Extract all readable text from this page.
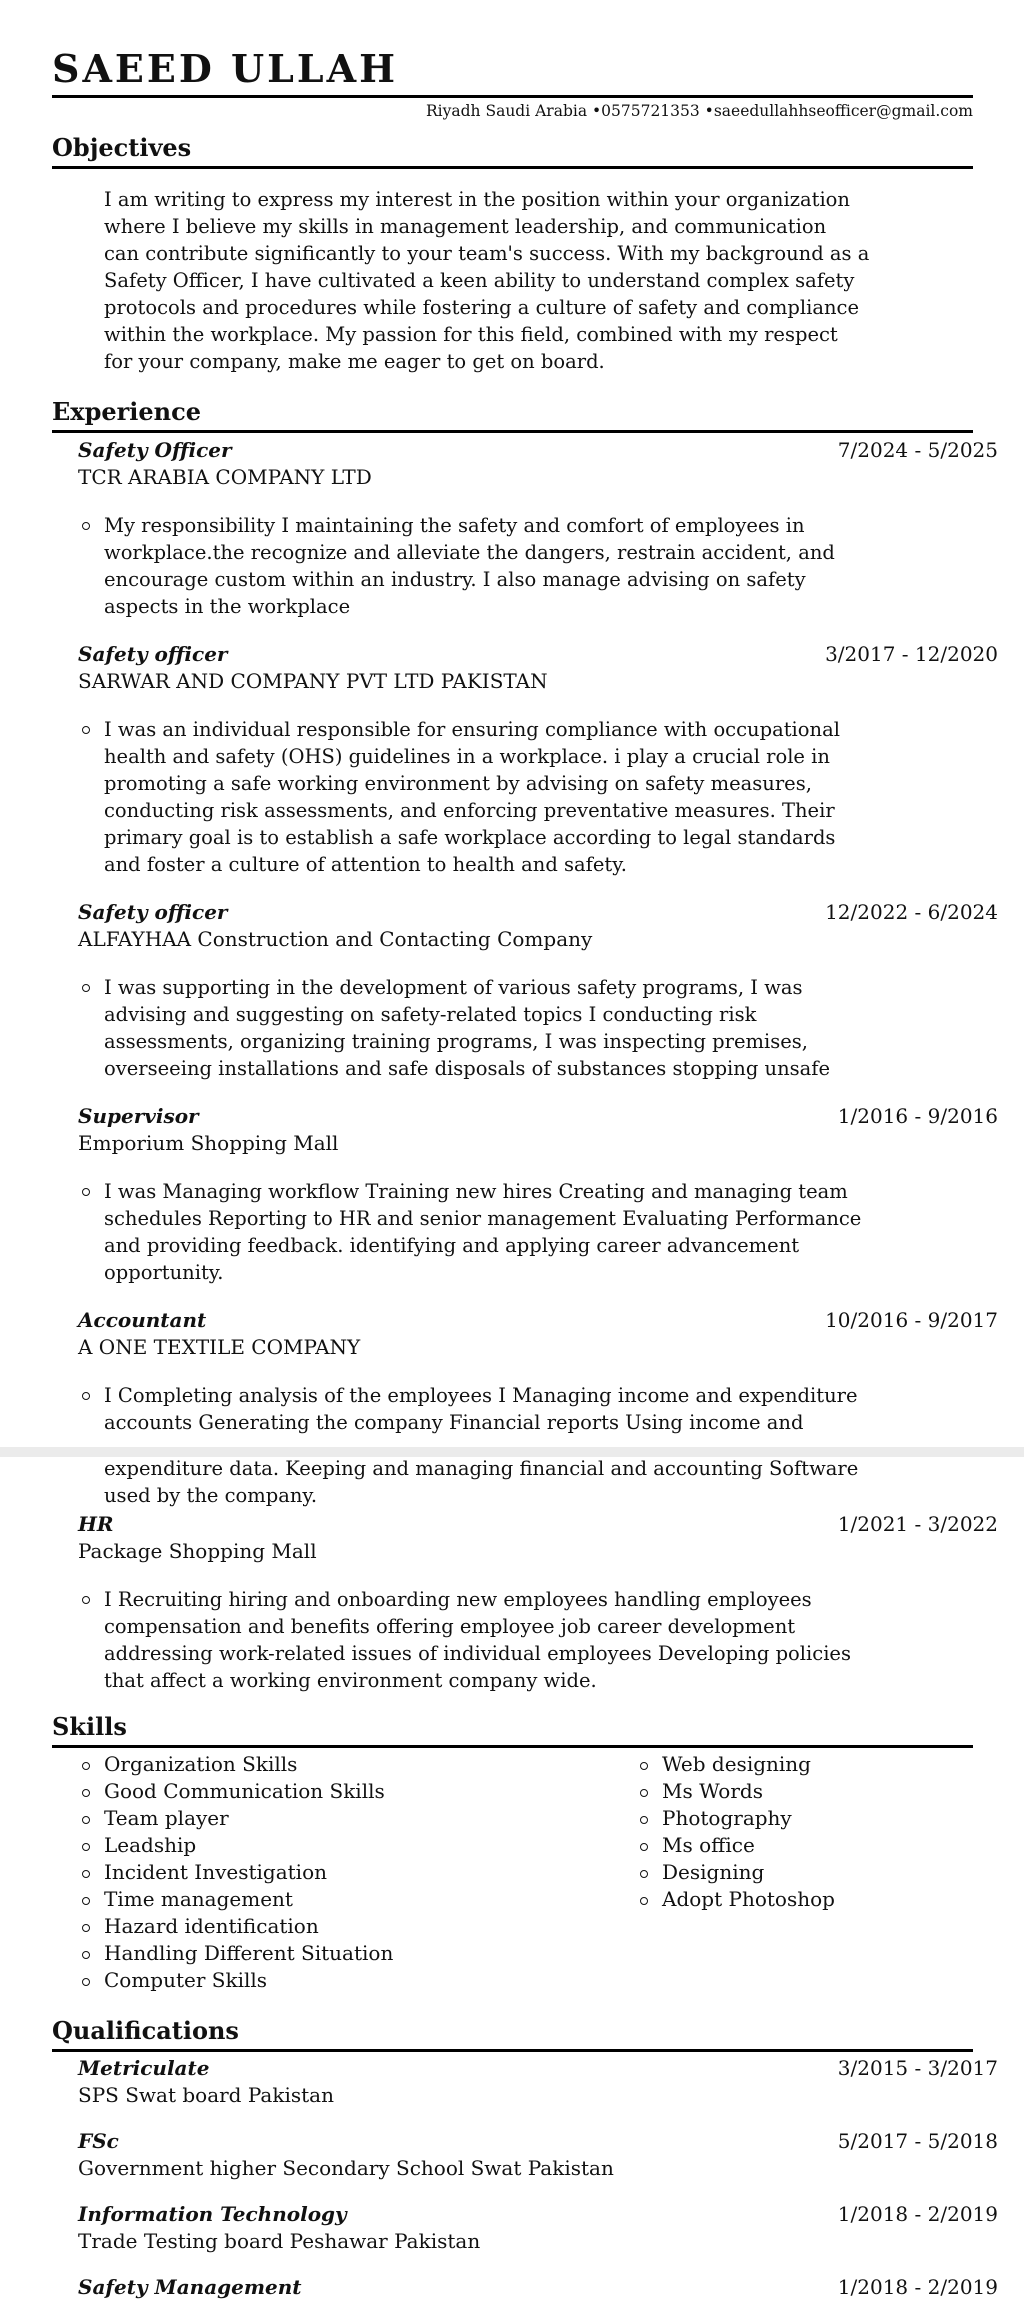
SAEED ULLAH
Riyadh Saudi Arabia •0575721353 •saeedullahhseofficer@gmail.com
Objectives
I am writing to express my interest in the position within your organization
where I believe my skills in management leadership, and communication
can contribute significantly to your team's success. With my background as a
Safety Officer, I have cultivated a keen ability to understand complex safety
protocols and procedures while fostering a culture of safety and compliance
within the workplace. My passion for this field, combined with my respect
for your company, make me eager to get on board.
Experience
Safety Officer	7/2024 - 5/2025
TCR ARABIA COMPANY LTD
My responsibility I maintaining the safety and comfort of employees in
workplace.the recognize and alleviate the dangers, restrain accident, and
encourage custom within an industry. I also manage advising on safety
aspects in the workplace
Safety officer	3/2017 - 12/2020
SARWAR AND COMPANY PVT LTD PAKISTAN
I was an individual responsible for ensuring compliance with occupational
health and safety (OHS) guidelines in a workplace. i play a crucial role in
promoting a safe working environment by advising on safety measures,
conducting risk assessments, and enforcing preventative measures. Their
primary goal is to establish a safe workplace according to legal standards
and foster a culture of attention to health and safety.
Safety officer	12/2022 - 6/2024
ALFAYHAA Construction and Contacting Company
I was supporting in the development of various safety programs, I was
advising and suggesting on safety-related topics I conducting risk
assessments, organizing training programs, I was inspecting premises,
overseeing installations and safe disposals of substances stopping unsafe
Supervisor	1/2016 - 9/2016
Emporium Shopping Mall
I was Managing workflow Training new hires Creating and managing team
schedules Reporting to HR and senior management Evaluating Performance
and providing feedback. identifying and applying career advancement
opportunity.
Accountant	10/2016 - 9/2017
A ONE TEXTILE COMPANY
I Completing analysis of the employees I Managing income and expenditure
accounts Generating the company Financial reports Using income and
expenditure data. Keeping and managing financial and accounting Software
used by the company.
HR	1/2021 - 3/2022
Package Shopping Mall
I Recruiting hiring and onboarding new employees handling employees
compensation and benefits offering employee job career development
addressing work-related issues of individual employees Developing policies
that affect a working environment company wide.
Skills
Organization Skills
Good Communication Skills
Team player
Leadship
Incident Investigation
Time management
Hazard identification
Handling Different Situation
Computer Skills
Web designing
Ms Words
Photography
Ms office
Designing
Adopt Photoshop
Qualifications
Metriculate	3/2015 - 3/2017
SPS Swat board Pakistan
FSc	5/2017 - 5/2018
Government higher Secondary School Swat Pakistan
Information Technology	1/2018 - 2/2019
Trade Testing board Peshawar Pakistan
Safety Management	1/2018 - 2/2019
